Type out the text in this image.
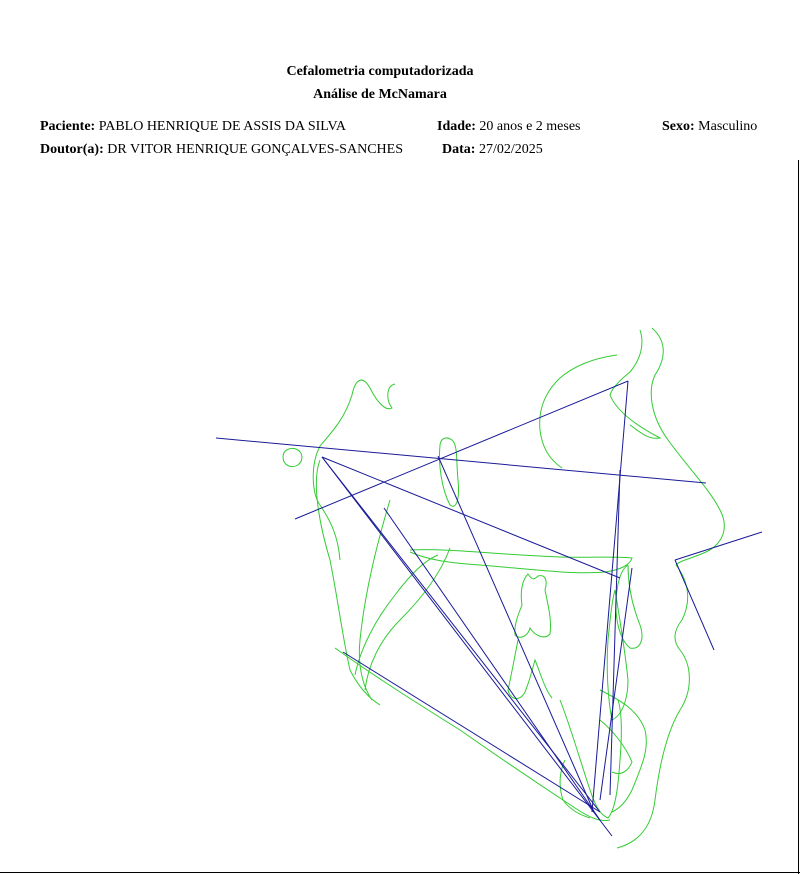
Cefalometria computadorizada
Análise de McNamara
Paciente: PABLO HENRIQUE DE ASSIS DA SILVA	Idade: 20 anos e 2 meses	Sexo: Masculino
Doutor(a): DR VITOR HENRIQUE GONÇALVES-SANCHES	Data: 27/02/2025
